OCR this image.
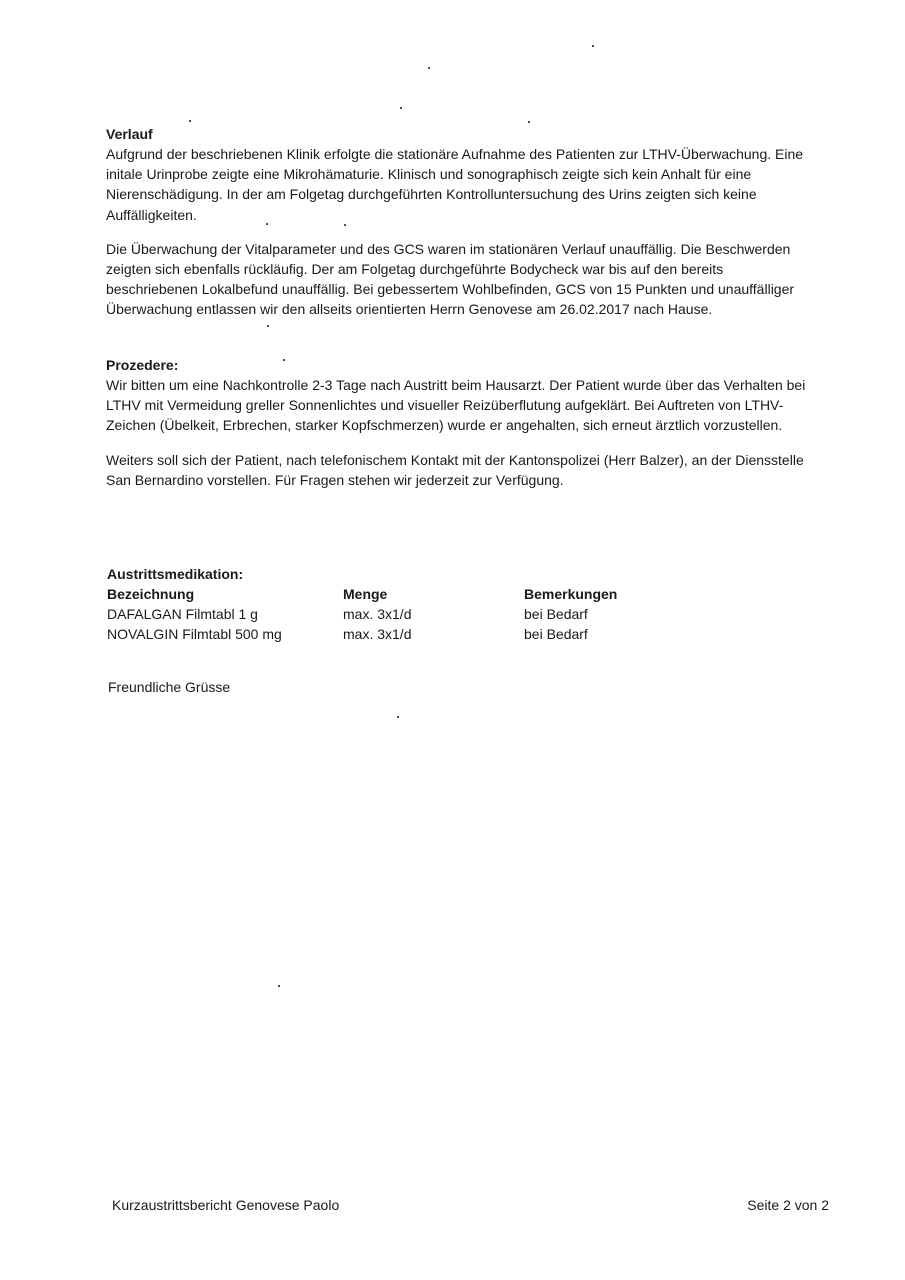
Verlauf

Aufgrund der beschriebenen Klinik erfolgte die stationäre Aufnahme des Patienten zur LTHV-Überwachung. Eine initale Urinprobe zeigte eine Mikrohämaturie. Klinisch und sonographisch zeigte sich kein Anhalt für eine Nierenschädigung. In der am Folgetag durchgeführten Kontrolluntersuchung des Urins zeigten sich keine Auffälligkeiten.

Die Überwachung der Vitalparameter und des GCS waren im stationären Verlauf unauffällig. Die Beschwerden zeigten sich ebenfalls rückläufig. Der am Folgetag durchgeführte Bodycheck war bis auf den bereits beschriebenen Lokalbefund unauffällig. Bei gebessertem Wohlbefinden, GCS von 15 Punkten und unauffälliger Überwachung entlassen wir den allseits orientierten Herrn Genovese am 26.02.2017 nach Hause.

Prozedere:

Wir bitten um eine Nachkontrolle 2-3 Tage nach Austritt beim Hausarzt. Der Patient wurde über das Verhalten bei LTHV mit Vermeidung greller Sonnenlichtes und visueller Reizüberflutung aufgeklärt. Bei Auftreten von LTHV-Zeichen (Übelkeit, Erbrechen, starker Kopfschmerzen) wurde er angehalten, sich erneut ärztlich vorzustellen.

Weiters soll sich der Patient, nach telefonischem Kontakt mit der Kantonspolizei (Herr Balzer), an der Diensstelle San Bernardino vorstellen. Für Fragen stehen wir jederzeit zur Verfügung.

Austrittsmedikation:		
Bezeichnung	Menge	Bemerkungen
DAFALGAN Filmtabl 1 g	max. 3x1/d	bei Bedarf
NOVALGIN Filmtabl 500 mg	max. 3x1/d	bei Bedarf
Freundliche Grüsse
Kurzaustrittsbericht Genovese Paolo	Seite 2 von 2
